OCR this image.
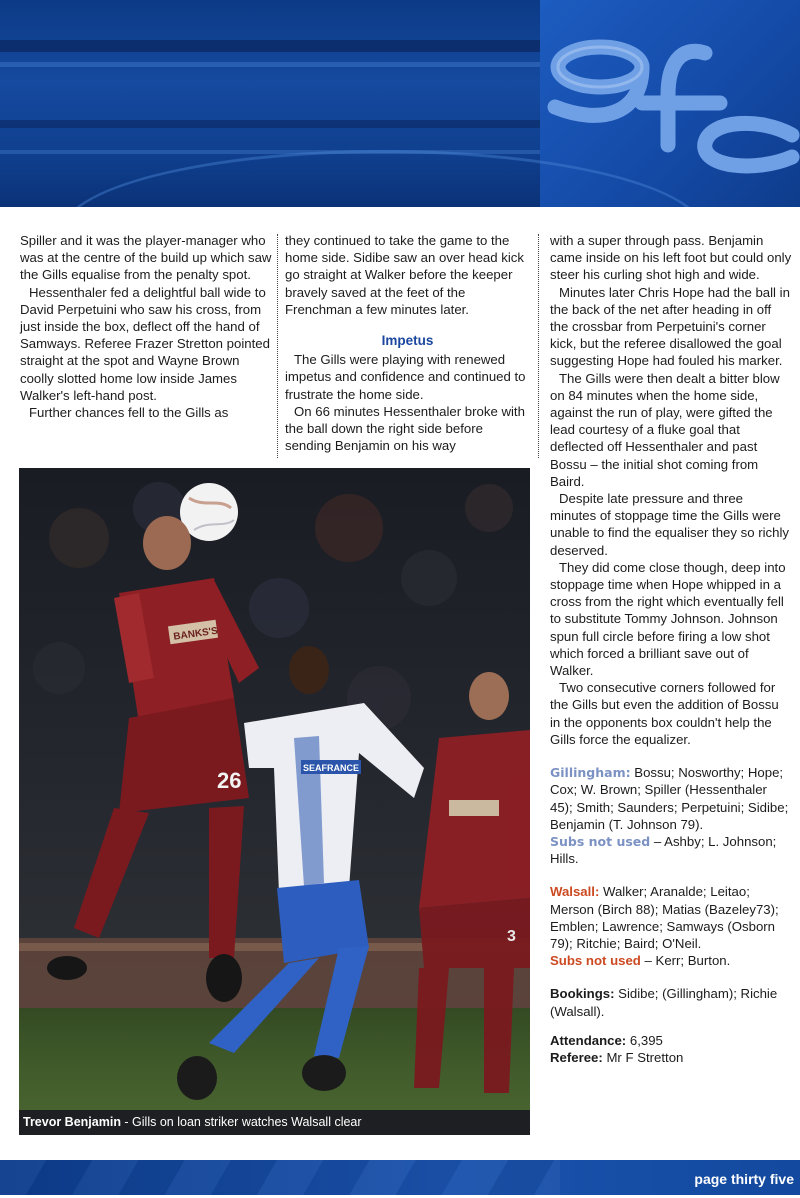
Spiller and it was the player-manager who was at the centre of the build up which saw the Gills equalise from the penalty spot.

Hessenthaler fed a delightful ball wide to David Perpetuini who saw his cross, from just inside the box, deflect off the hand of Samways. Referee Frazer Stretton pointed straight at the spot and Wayne Brown coolly slotted home low inside James Walker's left-hand post.

Further chances fell to the Gills as

they continued to take the game to the home side. Sidibe saw an over head kick go straight at Walker before the keeper bravely saved at the feet of the Frenchman a few minutes later.

Impetus

The Gills were playing with renewed impetus and confidence and continued to frustrate the home side.

On 66 minutes Hessenthaler broke with the ball down the right side before sending Benjamin on his way

with a super through pass. Benjamin came inside on his left foot but could only steer his curling shot high and wide.

Minutes later Chris Hope had the ball in the back of the net after heading in off the crossbar from Perpetuini's corner kick, but the referee disallowed the goal suggesting Hope had fouled his marker.

The Gills were then dealt a bitter blow on 84 minutes when the home side, against the run of play, were gifted the lead courtesy of a fluke goal that deflected off Hessenthaler and past Bossu – the initial shot coming from Baird.

Despite late pressure and three minutes of stoppage time the Gills were unable to find the equaliser they so richly deserved.

They did come close though, deep into stoppage time when Hope whipped in a cross from the right which eventually fell to substitute Tommy Johnson. Johnson spun full circle before firing a low shot which forced a brilliant save out of Walker.

Two consecutive corners followed for the Gills but even the addition of Bossu in the opponents box couldn't help the Gills force the equalizer.

Gillingham: Bossu; Nosworthy; Hope; Cox; W. Brown; Spiller (Hessenthaler 45); Smith; Saunders; Perpetuini; Sidibe; Benjamin (T. Johnson 79).

Subs not used – Ashby; L. Johnson; Hills.

Walsall: Walker; Aranalde; Leitao; Merson (Birch 88); Matias (Bazeley73); Emblen; Lawrence; Samways (Osborn 79); Ritchie; Baird; O'Neil.

Subs not used – Kerr; Burton.

Bookings: Sidibe; (Gillingham); Richie (Walsall).

Attendance: 6,395

Referee: Mr F Stretton

BANKS'S
26	SEAFRANCE
3
Trevor Benjamin - Gills on loan striker watches Walsall clear
page thirty five
